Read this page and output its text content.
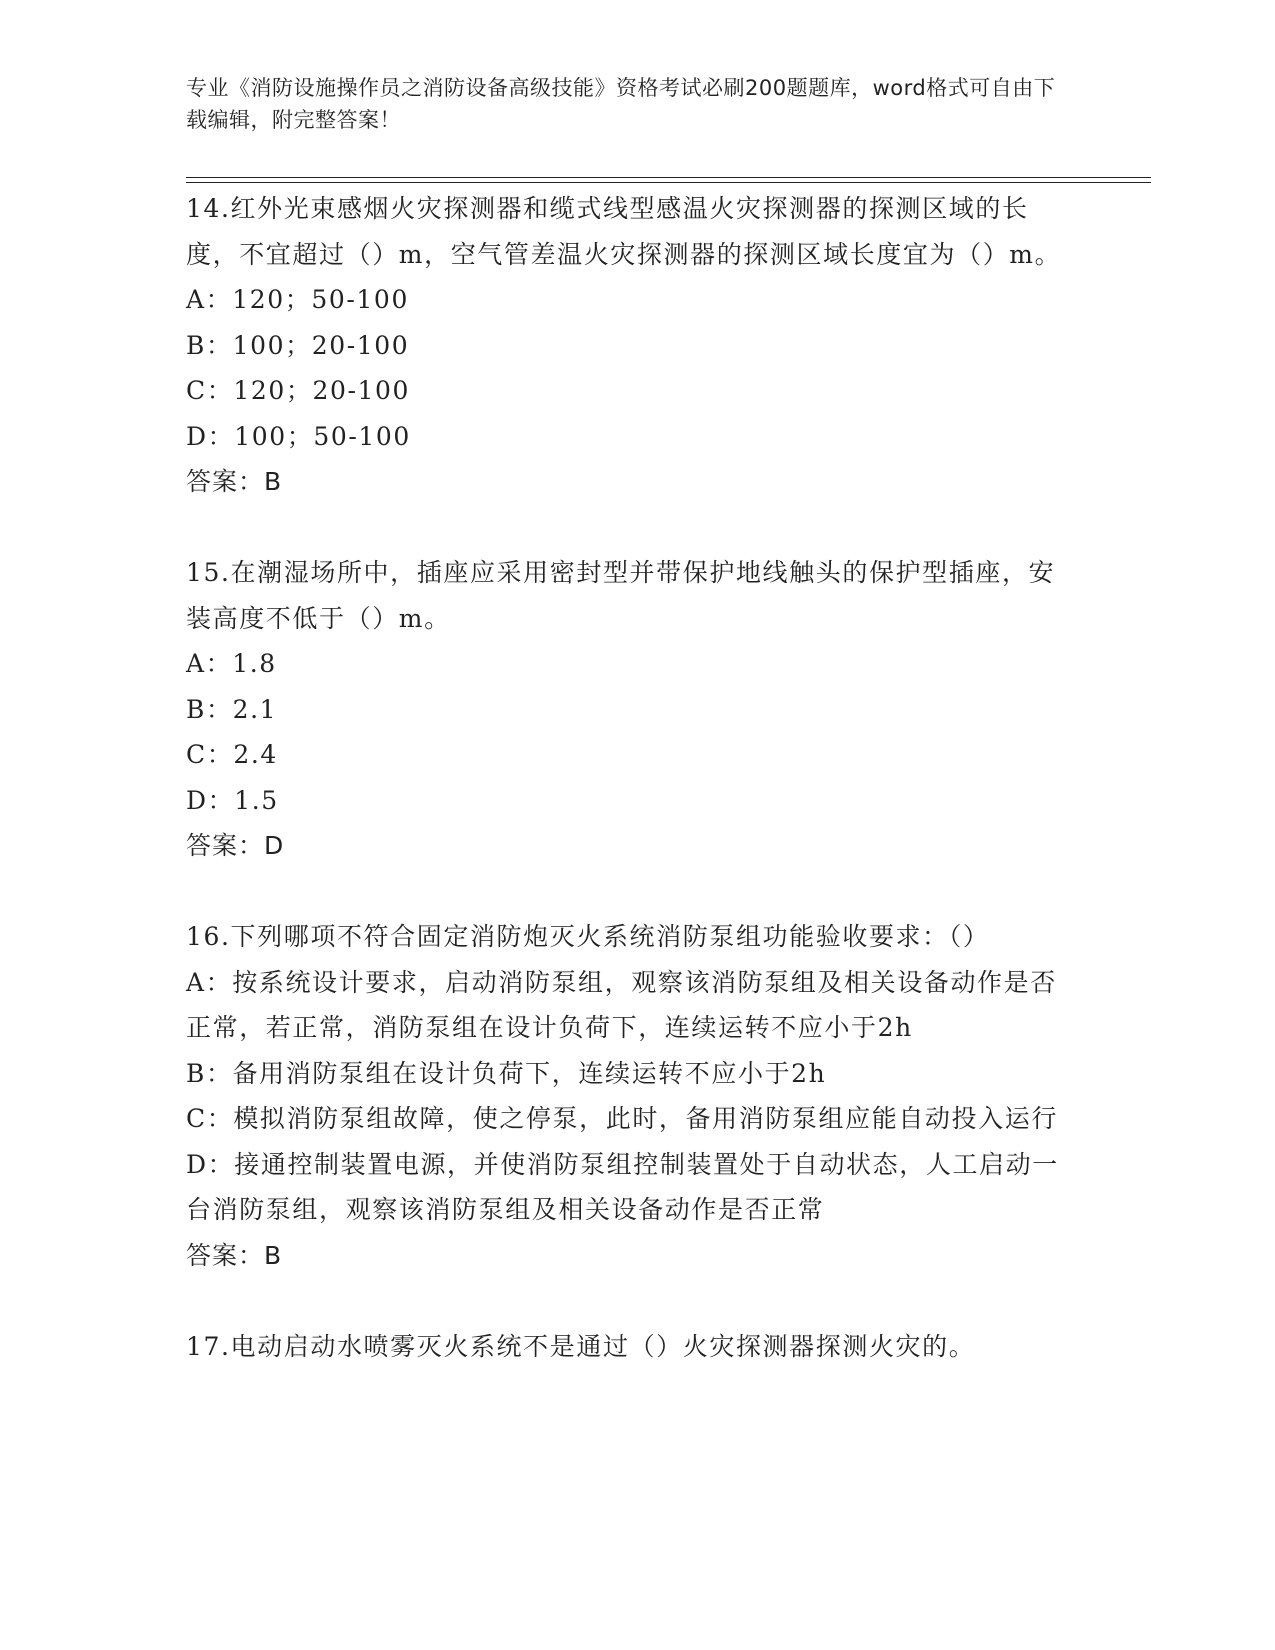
专业《消防设施操作员之消防设备高级技能》资格考试必刷200题题库，word格式可自由下载编辑，附完整答案！

14.红外光束感烟火灾探测器和缆式线型感温火灾探测器的探测区域的长度，不宜超过（）m，空气管差温火灾探测器的探测区域长度宜为（）m。

A：120；50-100

B：100；20-100

C：120；20-100

D：100；50-100

答案：B

15.在潮湿场所中，插座应采用密封型并带保护地线触头的保护型插座，安装高度不低于（）m。

A：1.8

B：2.1

C：2.4

D：1.5

答案：D

16.下列哪项不符合固定消防炮灭火系统消防泵组功能验收要求：（）

A：按系统设计要求，启动消防泵组，观察该消防泵组及相关设备动作是否正常，若正常，消防泵组在设计负荷下，连续运转不应小于2h

B：备用消防泵组在设计负荷下，连续运转不应小于2h

C：模拟消防泵组故障，使之停泵，此时，备用消防泵组应能自动投入运行

D：接通控制装置电源，并使消防泵组控制装置处于自动状态，人工启动一台消防泵组，观察该消防泵组及相关设备动作是否正常

答案：B

17.电动启动水喷雾灭火系统不是通过（）火灾探测器探测火灾的。
